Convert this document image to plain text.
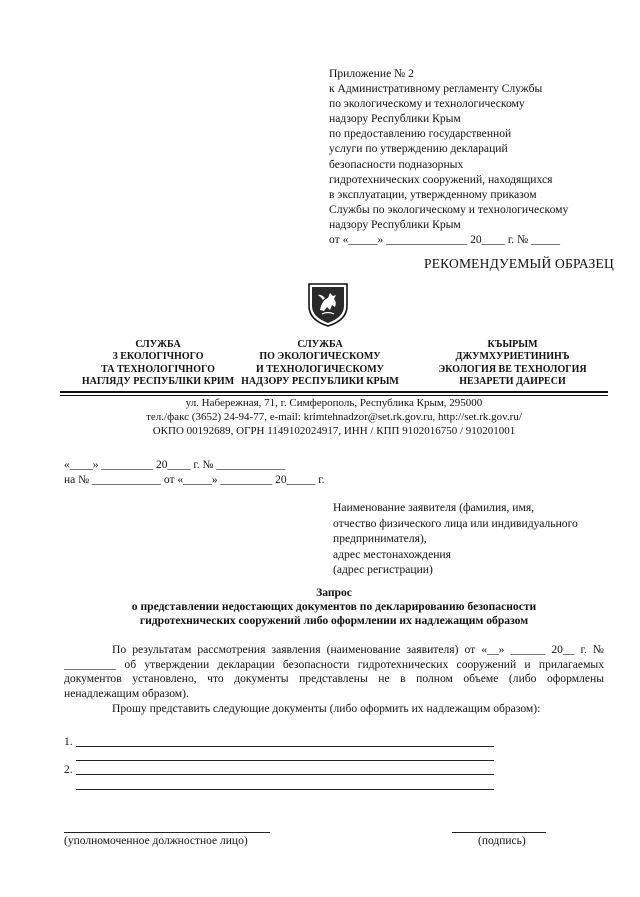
Приложение № 2
к Административному регламенту Службы
по экологическому и технологическому
надзору Республики Крым
по предоставлению государственной
услуги по утверждению деклараций
безопасности подназорных
гидротехнических сооружений, находящихся
в эксплуатации, утвержденному приказом
Службы по экологическому и технологическому
надзору Республики Крым
от «_____» ______________ 20____ г. № _____
РЕКОМЕНДУЕМЫЙ ОБРАЗЕЦ
СЛУЖБА
З ЕКОЛОГІЧНОГО
ТА ТЕХНОЛОГІЧНОГО
НАГЛЯДУ РЕСПУБЛІКИ КРИМ
СЛУЖБА
ПО ЭКОЛОГИЧЕСКОМУ
И ТЕХНОЛОГИЧЕСКОМУ
НАДЗОРУ РЕСПУБЛИКИ КРЫМ
КЪЫРЫМ
ДЖУМХУРИЕТИНИНЪ
ЭКОЛОГИЯ ВЕ ТЕХНОЛОГИЯ
НЕЗАРЕТИ ДАИРЕСИ
ул. Набережная, 71, г. Симферополь, Республика Крым, 295000
тел./факс (3652) 24-94-77, e-mail: krimtehnadzor@set.rk.gov.ru, http://set.rk.gov.ru/
ОКПО 00192689, ОГРН 1149102024917, ИНН / КПП 9102016750 / 910201001
«____» _________ 20____ г. № ____________
на № ____________ от «_____» _________ 20_____ г.
Наименование заявителя (фамилия, имя,
отчество физического лица или индивидуального
предпринимателя),
адрес местонахождения
(адрес регистрации)
Запрос
о представлении недостающих документов по декларированию безопасности
гидротехнических сооружений либо оформлении их надлежащим образом
По результатам рассмотрения заявления (наименование заявителя) от «__» ______ 20__ г. № _________ об утверждении декларации безопасности гидротехнических сооружений и прилагаемых документов установлено, что документы представлены не в полном объеме (либо оформлены ненадлежащим образом).
Прошу представить следующие документы (либо оформить их надлежащим образом):
1.
2.
(уполномоченное должностное лицо)	(подпись)
